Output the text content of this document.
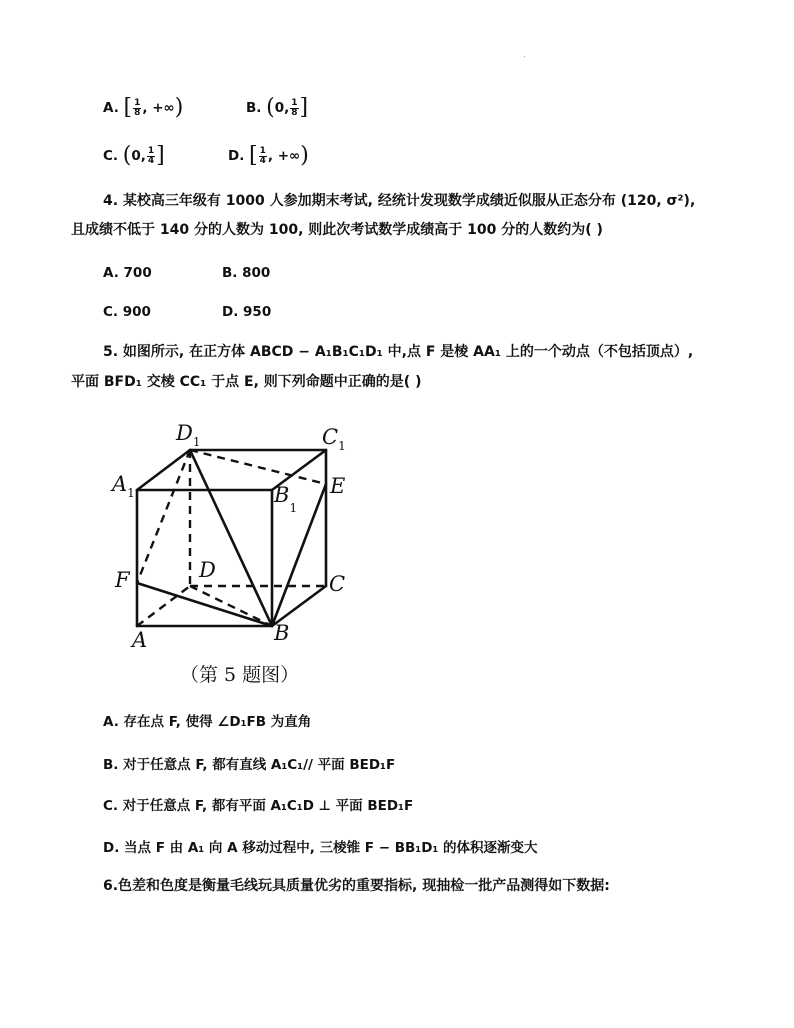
A. [ $\frac{1}{8}$ , +∞)	B. (0, $\frac{1}{8}$ ]
C. (0, $\frac{1}{4}$ ]	D. [ $\frac{1}{4}$ , +∞)
4. 某校高三年级有 1000 人参加期末考试, 经统计发现数学成绩近似服从正态分布 (120, σ²),
且成绩不低于 140 分的人数为 100, 则此次考试数学成绩高于 100 分的人数约为( )
A. 700	B. 800
C. 900	D. 950
5. 如图所示, 在正方体 ABCD − A₁B₁C₁D₁ 中,点 F 是棱 AA₁ 上的一个动点（不包括顶点）,
平面 BFD₁ 交棱 CC₁ 于点 E, 则下列命题中正确的是( )
$D_1$	$C_1$
$A_1$	$B_1$
E
F	D
C
A	B
（第 5 题图）
A. 存在点 F, 使得 ∠D₁FB 为直角
B. 对于任意点 F, 都有直线 A₁C₁// 平面 BED₁F
C. 对于任意点 F, 都有平面 A₁C₁D ⊥ 平面 BED₁F
D. 当点 F 由 A₁ 向 A 移动过程中, 三棱锥 F − BB₁D₁ 的体积逐渐变大
6.色差和色度是衡量毛线玩具质量优劣的重要指标, 现抽检一批产品测得如下数据:
